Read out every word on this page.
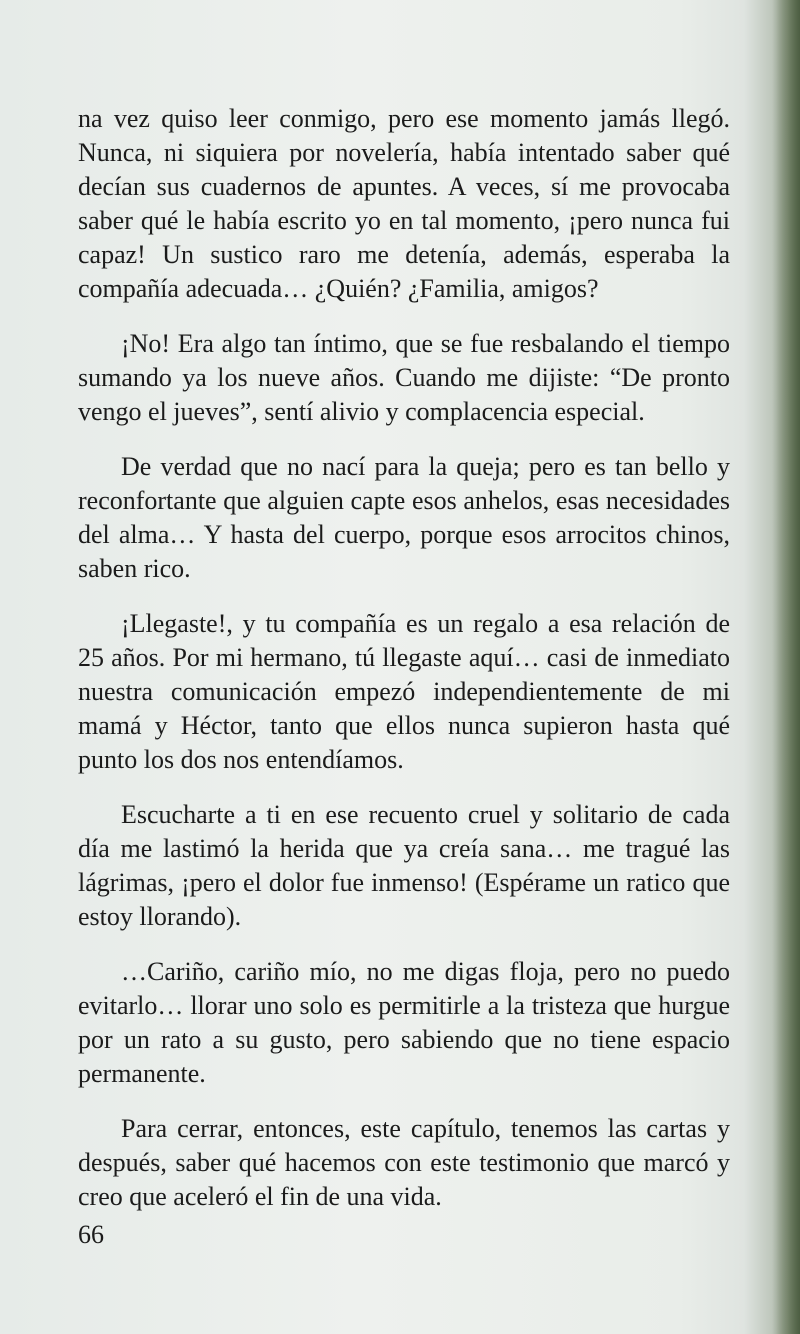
na vez quiso leer conmigo, pero ese momento jamás llegó. Nunca, ni siquiera por novelería, había intentado saber qué decían sus cuadernos de apuntes. A veces, sí me provocaba saber qué le había escrito yo en tal momento, ¡pero nunca fui capaz! Un sustico raro me detenía, además, esperaba la compañía adecuada… ¿Quién? ¿Familia, amigos?

¡No! Era algo tan íntimo, que se fue resbalando el tiempo sumando ya los nueve años. Cuando me dijiste: “De pronto vengo el jueves”, sentí alivio y complacencia especial.

De verdad que no nací para la queja; pero es tan bello y reconfortante que alguien capte esos anhelos, esas necesidades del alma… Y hasta del cuerpo, porque esos arrocitos chinos, saben rico.

¡Llegaste!, y tu compañía es un regalo a esa relación de 25 años. Por mi hermano, tú llegaste aquí… casi de inmediato nuestra comunicación empezó independientemente de mi mamá y Héctor, tanto que ellos nunca supieron hasta qué punto los dos nos entendíamos.

Escucharte a ti en ese recuento cruel y solitario de cada día me lastimó la herida que ya creía sana… me tragué las lágrimas, ¡pero el dolor fue inmenso! (Espérame un ratico que estoy llorando).

…Cariño, cariño mío, no me digas floja, pero no puedo evitarlo… llorar uno solo es permitirle a la tristeza que hurgue por un rato a su gusto, pero sabiendo que no tiene espacio permanente.

Para cerrar, entonces, este capítulo, tenemos las cartas y después, saber qué hacemos con este testimonio que marcó y creo que aceleró el fin de una vida.

66
